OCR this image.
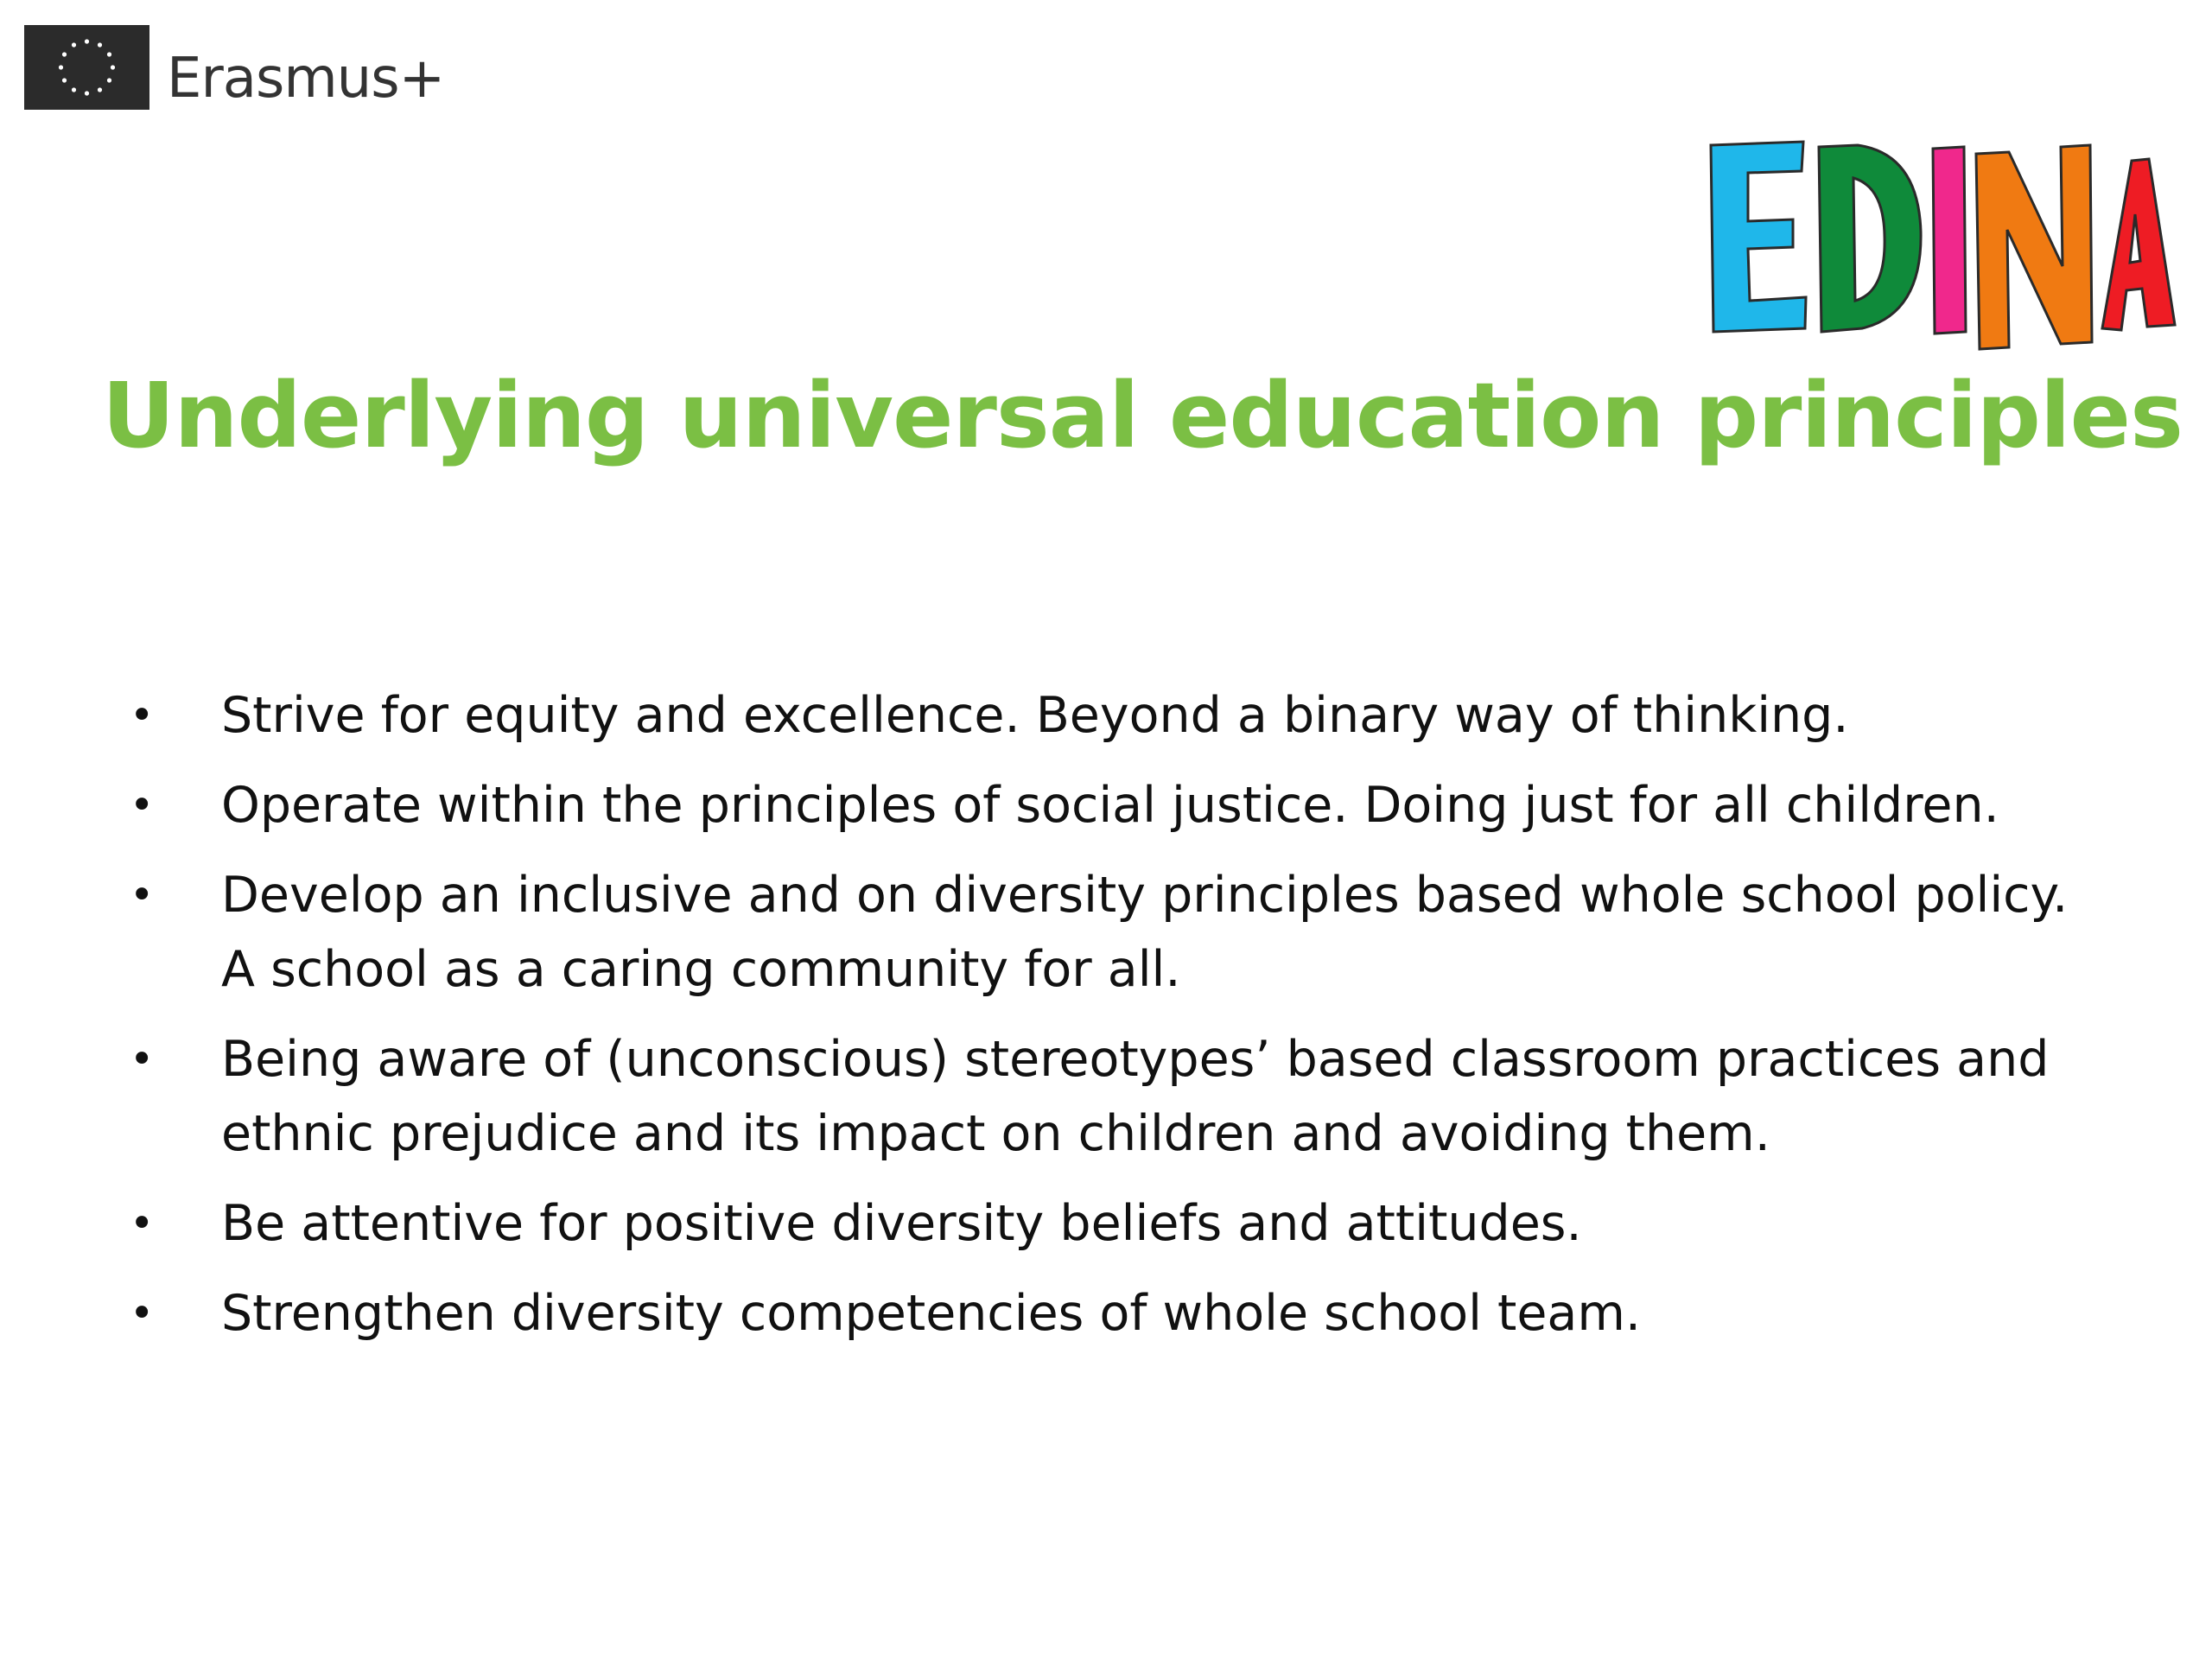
Erasmus+
Underlying universal education principles
• Strive for equity and excellence. Beyond a binary way of thinking.
• Operate within the principles of social justice. Doing just for all children.
• Develop an inclusive and on diversity principles based whole school policy. A school as a caring community for all.
• Being aware of (unconscious) stereotypes’ based classroom practices and ethnic prejudice and its impact on children and avoiding them.
• Be attentive for positive diversity beliefs and attitudes.
• Strengthen diversity competencies of whole school team.
